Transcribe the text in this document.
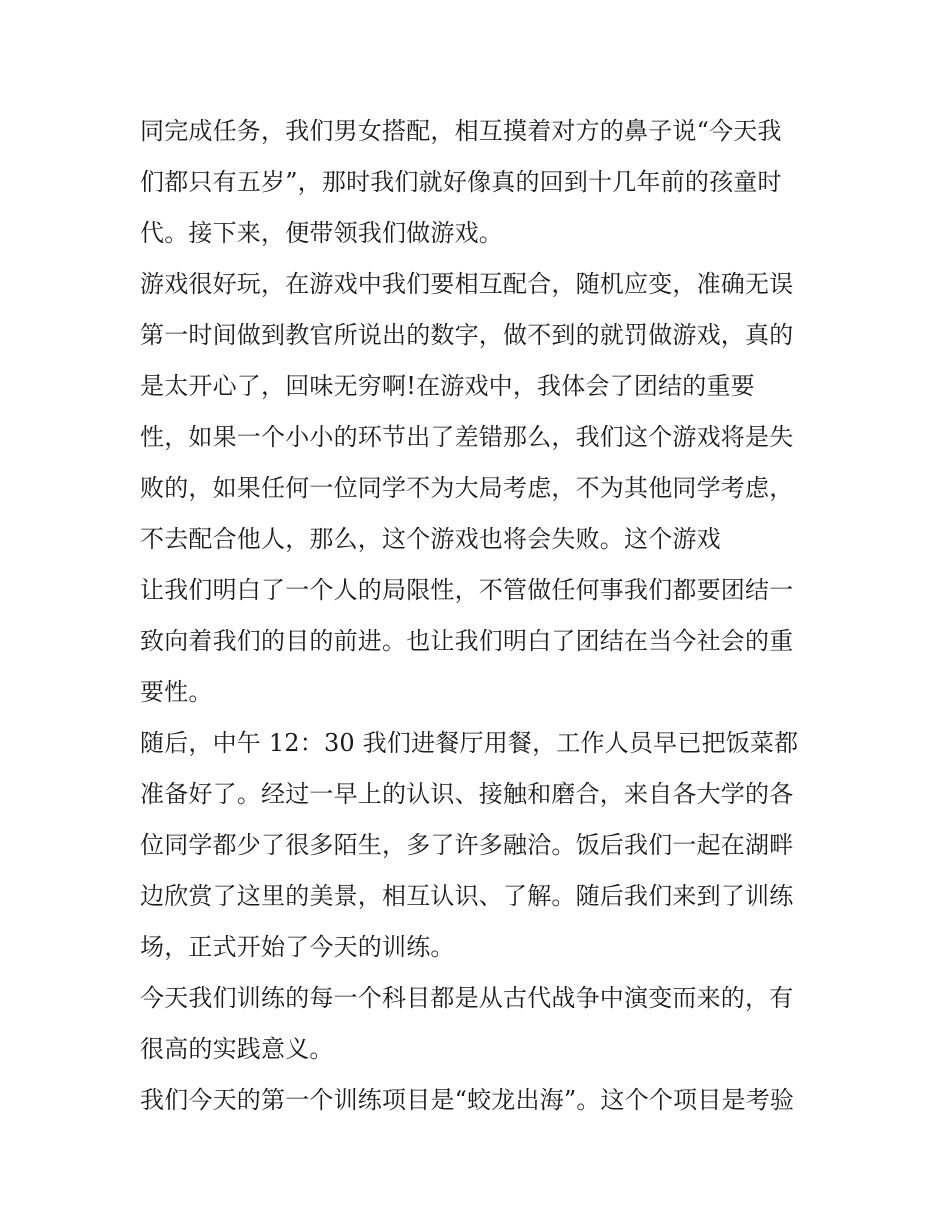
同完成任务，我们男女搭配，相互摸着对方的鼻子说“今天我
们都只有五岁”，那时我们就好像真的回到十几年前的孩童时
代。接下来，便带领我们做游戏。
游戏很好玩，在游戏中我们要相互配合，随机应变，准确无误
第一时间做到教官所说出的数字，做不到的就罚做游戏，真的
是太开心了，回味无穷啊!在游戏中，我体会了团结的重要
性，如果一个小小的环节出了差错那么，我们这个游戏将是失
败的，如果任何一位同学不为大局考虑，不为其他同学考虑，
不去配合他人，那么，这个游戏也将会失败。这个游戏
让我们明白了一个人的局限性，不管做任何事我们都要团结一
致向着我们的目的前进。也让我们明白了团结在当今社会的重
要性。
随后，中午 12：30 我们进餐厅用餐，工作人员早已把饭菜都
准备好了。经过一早上的认识、接触和磨合，来自各大学的各
位同学都少了很多陌生，多了许多融洽。饭后我们一起在湖畔
边欣赏了这里的美景，相互认识、了解。随后我们来到了训练
场，正式开始了今天的训练。
今天我们训练的每一个科目都是从古代战争中演变而来的，有
很高的实践意义。
我们今天的第一个训练项目是“蛟龙出海”。这个个项目是考验
